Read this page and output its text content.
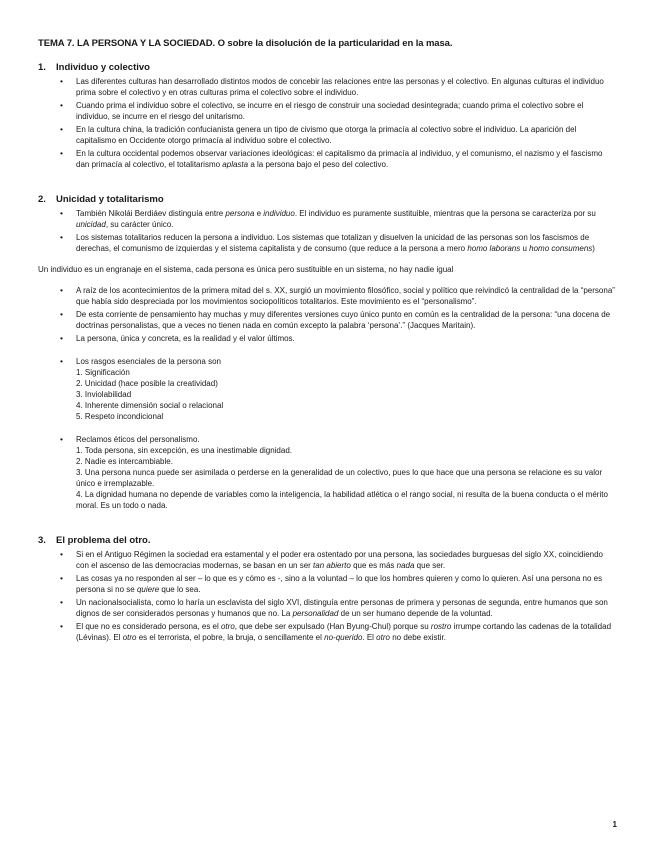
TEMA 7. LA PERSONA Y LA SOCIEDAD. O sobre la disolución de la particularidad en la masa.
1.	Individuo y colectivo
• Las diferentes culturas han desarrollado distintos modos de concebir las relaciones entre las personas y el colectivo. En algunas culturas el individuo prima sobre el colectivo y en otras culturas prima el colectivo sobre el individuo.
• Cuando prima el individuo sobre el colectivo, se incurre en el riesgo de construir una sociedad desintegrada; cuando prima el colectivo sobre el individuo, se incurre en el riesgo del unitarismo.
• En la cultura china, la tradición confucianista genera un tipo de civismo que otorga la primacía al colectivo sobre el individuo. La aparición del capitalismo en Occidente otorgo primacía al individuo sobre el colectivo.
• En la cultura occidental podemos observar variaciones ideológicas: el capitalismo da primacía al individuo, y el comunismo, el nazismo y el fascismo dan primacía al colectivo, el totalitarismo aplasta a la persona bajo el peso del colectivo.
2.	Unicidad y totalitarismo
• También Nikolái Berdiáev distinguía entre persona e individuo. El individuo es puramente sustituible, mientras que la persona se caracteriza por su unicidad, su carácter único.
• Los sistemas totalitarios reducen la persona a individuo. Los sistemas que totalizan y disuelven la unicidad de las personas son los fascismos de derechas, el comunismo de izquierdas y el sistema capitalista y de consumo (que reduce a la persona a mero homo laborans u homo consumens)

Un individuo es un engranaje en el sistema, cada persona es única pero sustituible en un sistema, no hay nadie igual

• A raíz de los acontecimientos de la primera mitad del s. XX, surgió un movimiento filosófico, social y político que reivindicó la centralidad de la “persona” que había sido despreciada por los movimientos sociopolíticos totalitarios. Este movimiento es el “personalismo”.
• De esta corriente de pensamiento hay muchas y muy diferentes versiones cuyo único punto en común es la centralidad de la persona: “una docena de doctrinas personalistas, que a veces no tienen nada en común excepto la palabra ‘persona’.” (Jacques Maritain).
• La persona, única y concreta, es la realidad y el valor últimos.
• Los rasgos esenciales de la persona son
1. Significación
2. Unicidad (hace posible la creatividad)
3. Inviolabilidad
4. Inherente dimensión social o relacional
5. Respeto incondicional
• Reclamos éticos del personalismo.
1. Toda persona, sin excepción, es una inestimable dignidad.
2. Nadie es intercambiable.
3. Una persona nunca puede ser asimilada o perderse en la generalidad de un colectivo, pues lo que hace que una persona se relacione es su valor único e irremplazable.
4. La dignidad humana no depende de variables como la inteligencia, la habilidad atlética o el rango social, ni resulta de la buena conducta o el mérito moral. Es un todo o nada.
3.	El problema del otro.
• Si en el Antiguo Régimen la sociedad era estamental y el poder era ostentado por una persona, las sociedades burguesas del siglo XX, coincidiendo con el ascenso de las democracias modernas, se basan en un ser tan abierto que es más nada que ser.
• Las cosas ya no responden al ser – lo que es y cómo es -, sino a la voluntad – lo que los hombres quieren y como lo quieren. Así una persona no es persona si no se quiere que lo sea.
• Un nacionalsocialista, como lo haría un esclavista del siglo XVI, distinguía entre personas de primera y personas de segunda, entre humanos que son dignos de ser considerados personas y humanos que no. La personalidad de un ser humano depende de la voluntad.
• El que no es considerado persona, es el otro, que debe ser expulsado (Han Byung-Chul) porque su rostro irrumpe cortando las cadenas de la totalidad (Lévinas). El otro es el terrorista, el pobre, la bruja, o sencillamente el no-querido. El otro no debe existir.
1
